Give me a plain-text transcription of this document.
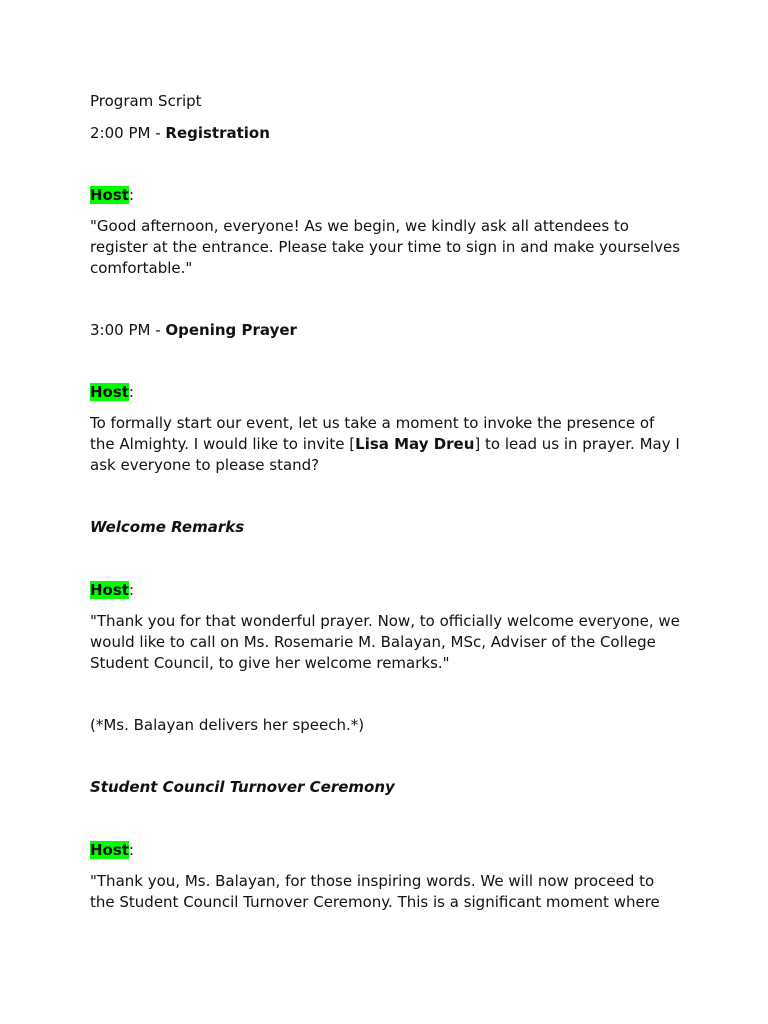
Program Script

2:00 PM - Registration

Host:

"Good afternoon, everyone! As we begin, we kindly ask all attendees to register at the entrance. Please take your time to sign in and make yourselves comfortable."

3:00 PM - Opening Prayer

Host:

To formally start our event, let us take a moment to invoke the presence of the Almighty. I would like to invite [Lisa May Dreu] to lead us in prayer. May I ask everyone to please stand?

Welcome Remarks

Host:

"Thank you for that wonderful prayer. Now, to officially welcome everyone, we would like to call on Ms. Rosemarie M. Balayan, MSc, Adviser of the College Student Council, to give her welcome remarks."

(*Ms. Balayan delivers her speech.*)

Student Council Turnover Ceremony

Host:

"Thank you, Ms. Balayan, for those inspiring words. We will now proceed to the Student Council Turnover Ceremony. This is a significant moment where
